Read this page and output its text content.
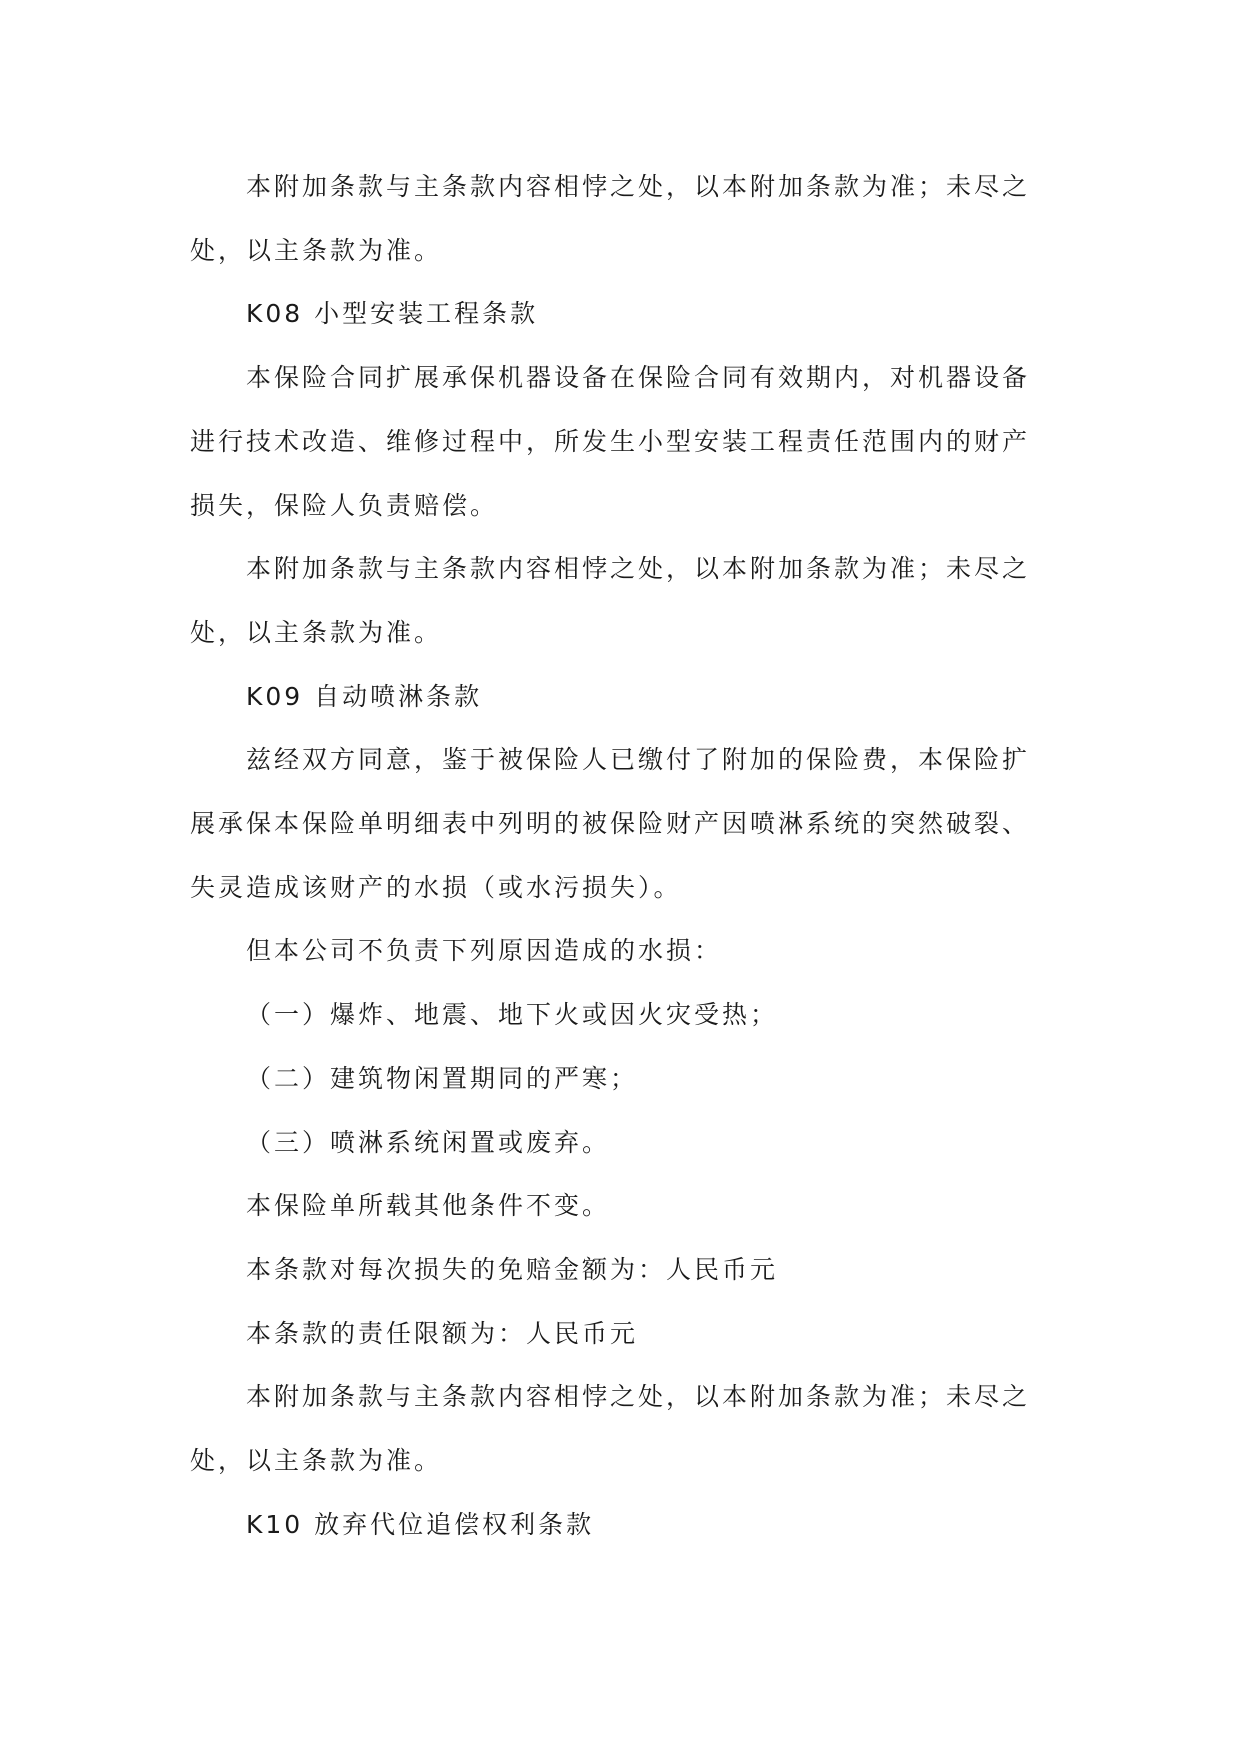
本附加条款与主条款内容相悖之处，以本附加条款为准；未尽之处，以主条款为准。

K08 小型安装工程条款

本保险合同扩展承保机器设备在保险合同有效期内，对机器设备进行技术改造、维修过程中，所发生小型安装工程责任范围内的财产损失，保险人负责赔偿。

本附加条款与主条款内容相悖之处，以本附加条款为准；未尽之处，以主条款为准。

K09 自动喷淋条款

兹经双方同意，鉴于被保险人已缴付了附加的保险费，本保险扩展承保本保险单明细表中列明的被保险财产因喷淋系统的突然破裂、失灵造成该财产的水损（或水污损失）。

但本公司不负责下列原因造成的水损：

（一）爆炸、地震、地下火或因火灾受热；

（二）建筑物闲置期同的严寒；

（三）喷淋系统闲置或废弃。

本保险单所载其他条件不变。

本条款对每次损失的免赔金额为：人民币元

本条款的责任限额为：人民币元

本附加条款与主条款内容相悖之处，以本附加条款为准；未尽之处，以主条款为准。

K10 放弃代位追偿权利条款
